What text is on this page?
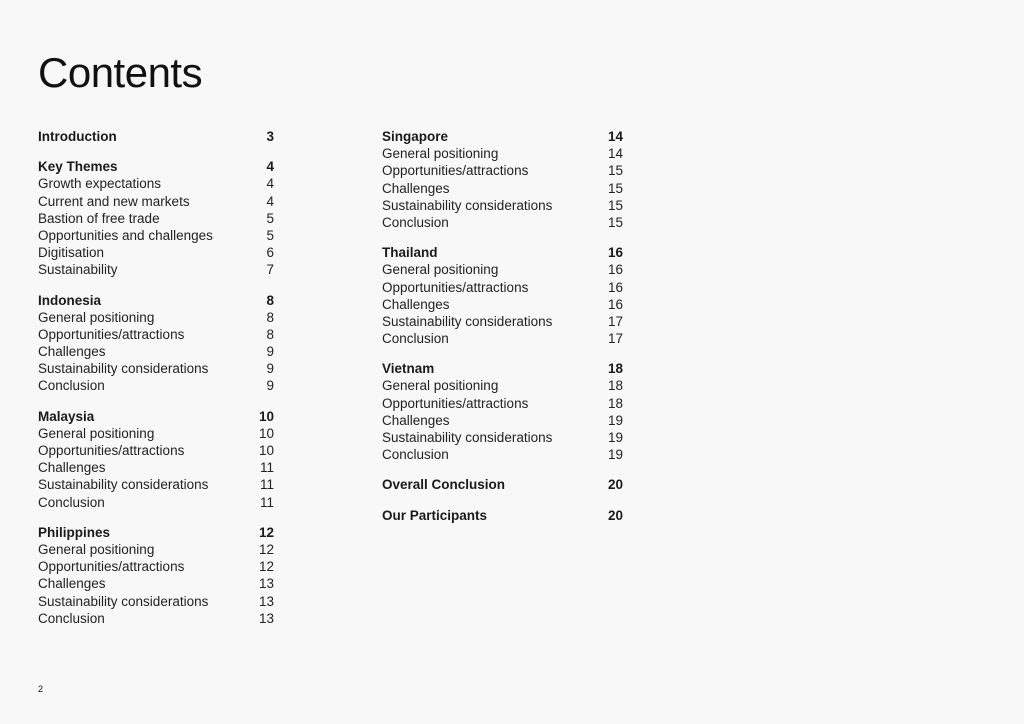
Contents
Introduction	3
Key Themes	4
Growth expectations	4
Current and new markets	4
Bastion of free trade	5
Opportunities and challenges	5
Digitisation	6
Sustainability	7
Indonesia	8
General positioning	8
Opportunities/attractions	8
Challenges	9
Sustainability considerations	9
Conclusion	9
Malaysia	10
General positioning	10
Opportunities/attractions	10
Challenges	11
Sustainability considerations	11
Conclusion	11
Philippines	12
General positioning	12
Opportunities/attractions	12
Challenges	13
Sustainability considerations	13
Conclusion	13
Singapore	14
General positioning	14
Opportunities/attractions	15
Challenges	15
Sustainability considerations	15
Conclusion	15
Thailand	16
General positioning	16
Opportunities/attractions	16
Challenges	16
Sustainability considerations	17
Conclusion	17
Vietnam	18
General positioning	18
Opportunities/attractions	18
Challenges	19
Sustainability considerations	19
Conclusion	19
Overall Conclusion	20
Our Participants	20
2
